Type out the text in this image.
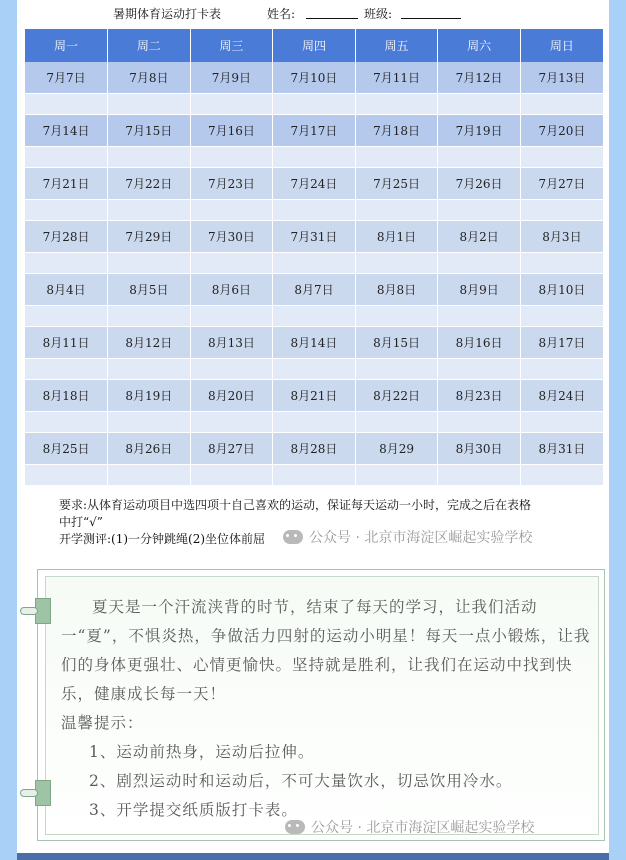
暑期体育运动打卡表	姓名:	班级:
周一	周二	周三	周四	周五	周六	周日
7月7日	7月8日	7月9日	7月10日	7月11日	7月12日	7月13日

7月14日	7月15日	7月16日	7月17日	7月18日	7月19日	7月20日

7月21日	7月22日	7月23日	7月24日	7月25日	7月26日	7月27日

7月28日	7月29日	7月30日	7月31日	8月1日	8月2日	8月3日

8月4日	8月5日	8月6日	8月7日	8月8日	8月9日	8月10日

8月11日	8月12日	8月13日	8月14日	8月15日	8月16日	8月17日

8月18日	8月19日	8月20日	8月21日	8月22日	8月23日	8月24日

8月25日	8月26日	8月27日	8月28日	8月29	8月30日	8月31日

要求:从体育运动项目中选四项十自己喜欢的运动，保证每天运动一小时，完成之后在表格

中打“√”

开学测评:(1)一分钟跳绳(2)坐位体前屈

夏天是一个汗流浃背的时节，结束了每天的学习，让我们活动一“夏”，不惧炎热，争做活力四射的运动小明星！每天一点小锻炼，让我们的身体更强壮、心情更愉快。坚持就是胜利，让我们在运动中找到快乐，健康成长每一天！

温馨提示：

1、运动前热身，运动后拉伸。

2、剧烈运动时和运动后，不可大量饮水，切忌饮用冷水。

3、开学提交纸质版打卡表。

公众号 · 北京市海淀区崛起实验学校
公众号 · 北京市海淀区崛起实验学校
